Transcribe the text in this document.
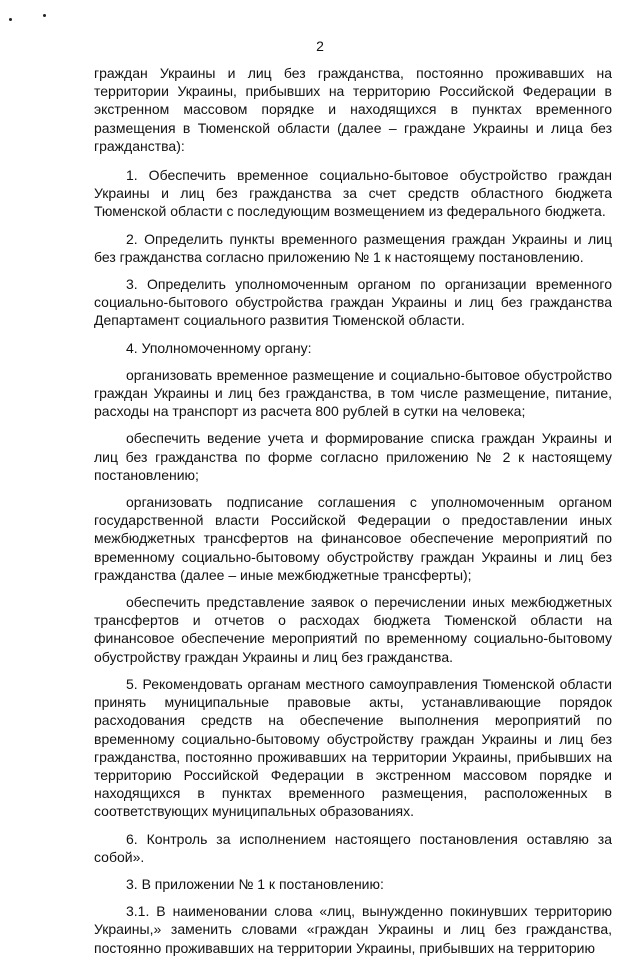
2

граждан Украины и лиц без гражданства, постоянно проживавших на территории Украины, прибывших на территорию Российской Федерации в экстренном массовом порядке и находящихся в пунктах временного размещения в Тюменской области (далее – граждане Украины и лица без гражданства):

1. Обеспечить временное социально-бытовое обустройство граждан Украины и лиц без гражданства за счет средств областного бюджета Тюменской области с последующим возмещением из федерального бюджета.

2. Определить пункты временного размещения граждан Украины и лиц без гражданства согласно приложению № 1 к настоящему постановлению.

3. Определить уполномоченным органом по организации временного социально-бытового обустройства граждан Украины и лиц без гражданства Департамент социального развития Тюменской области.

4. Уполномоченному органу:

организовать временное размещение и социально-бытовое обустройство граждан Украины и лиц без гражданства, в том числе размещение, питание, расходы на транспорт из расчета 800 рублей в сутки на человека;

обеспечить ведение учета и формирование списка граждан Украины и лиц без гражданства по форме согласно приложению № 2 к настоящему постановлению;

организовать подписание соглашения с уполномоченным органом государственной власти Российской Федерации о предоставлении иных межбюджетных трансфертов на финансовое обеспечение мероприятий по временному социально-бытовому обустройству граждан Украины и лиц без гражданства (далее – иные межбюджетные трансферты);

обеспечить представление заявок о перечислении иных межбюджетных трансфертов и отчетов о расходах бюджета Тюменской области на финансовое обеспечение мероприятий по временному социально-бытовому обустройству граждан Украины и лиц без гражданства.

5. Рекомендовать органам местного самоуправления Тюменской области принять муниципальные правовые акты, устанавливающие порядок расходования средств на обеспечение выполнения мероприятий по временному социально-бытовому обустройству граждан Украины и лиц без гражданства, постоянно проживавших на территории Украины, прибывших на территорию Российской Федерации в экстренном массовом порядке и находящихся в пунктах временного размещения, расположенных в соответствующих муниципальных образованиях.

6. Контроль за исполнением настоящего постановления оставляю за собой».

3. В приложении № 1 к постановлению:

3.1. В наименовании слова «лиц, вынужденно покинувших территорию Украины,» заменить словами «граждан Украины и лиц без гражданства, постоянно проживавших на территории Украины, прибывших на территорию
